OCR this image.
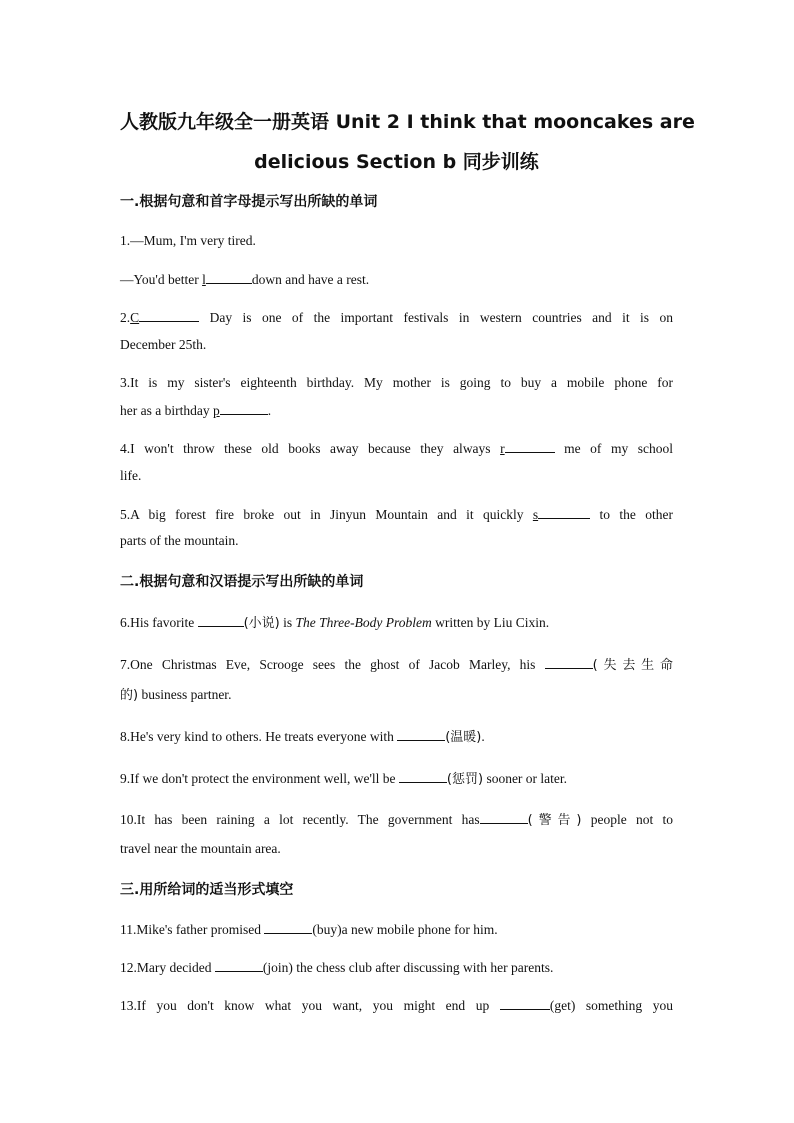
人教版九年级全一册英语 Unit 2 I think that mooncakes are
delicious Section b 同步训练
一.根据句意和首字母提示写出所缺的单词
1.—Mum, I'm very tired.
—You'd better l	down and have a rest.
2.C	Day is one of the important festivals in western countries and it is on
December 25th.
3.It is my sister's eighteenth birthday. My mother is going to buy a mobile phone for
her as a birthday p	.
4.I won't throw these old books away because they always r	me of my school
life.
5.A big forest fire broke out in Jinyun Mountain and it quickly s	to the other
parts of the mountain.
二.根据句意和汉语提示写出所缺的单词
6.His favorite	(小说) is The Three-Body Problem written by Liu Cixin.
7.One Christmas Eve, Scrooge sees the ghost of Jacob Marley, his	(失去生命
的) business partner.
8.He's very kind to others. He treats everyone with	(温暖).
9.If we don't protect the environment well, we'll be	(惩罚) sooner or later.
10.It has been raining a lot recently. The government has	(警告) people not to
travel near the mountain area.
三.用所给词的适当形式填空
11.Mike's father promised	(buy)a new mobile phone for him.
12.Mary decided	(join) the chess club after discussing with her parents.
13.If you don't know what you want, you might end up	(get) something you
